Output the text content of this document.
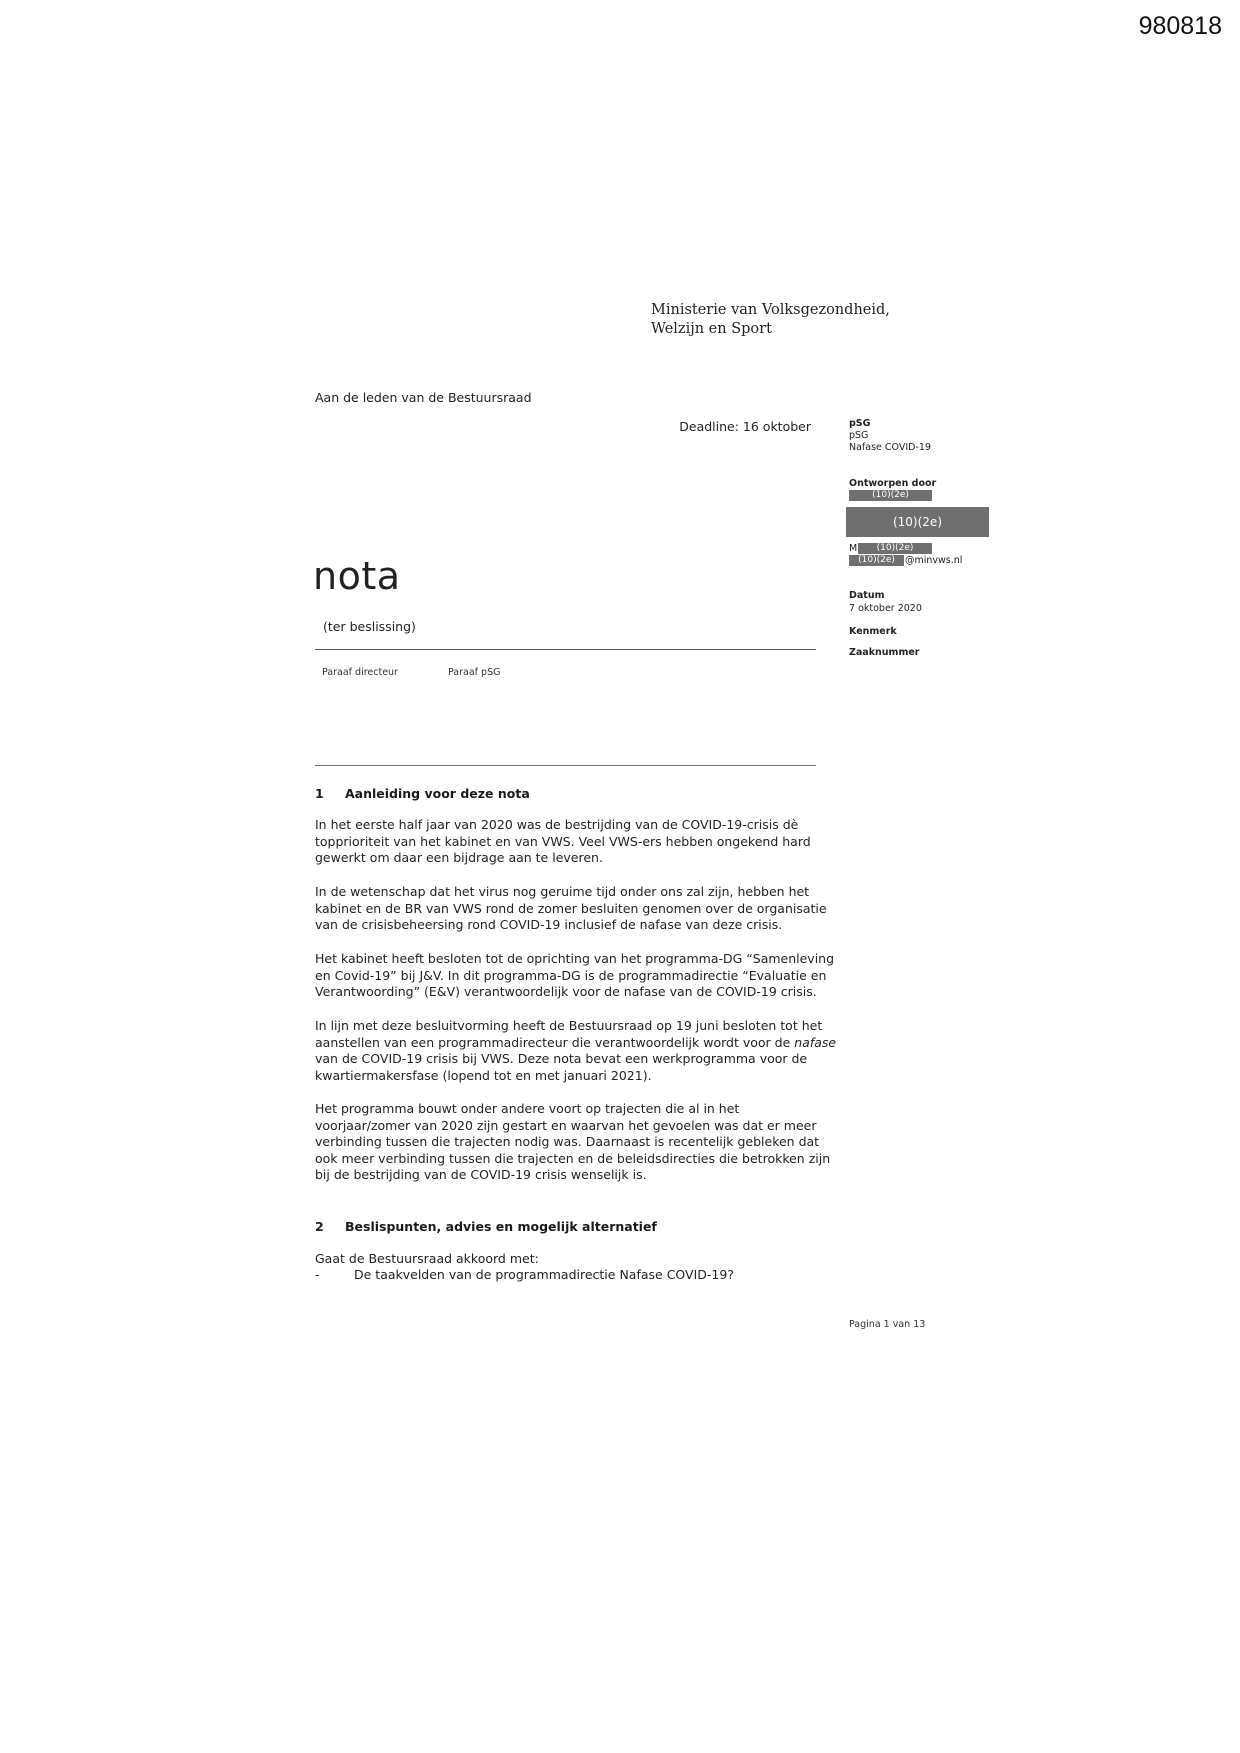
980818
Ministerie van Volksgezondheid,
Welzijn en Sport
Aan de leden van de Bestuursraad
Deadline: 16 oktober
nota
(ter beslissing)
Paraaf directeur	Paraaf pSG
pSG
pSG
Nafase COVID-19
Ontworpen door
(10)(2e)
(10)(2e)
M	(10)(2e)
(10)(2e)	@minvws.nl
Datum
7 oktober 2020
Kenmerk
Zaaknummer
1 Aanleiding voor deze nota
In het eerste half jaar van 2020 was de bestrijding van de COVID-19-crisis dè
topprioriteit van het kabinet en van VWS. Veel VWS-ers hebben ongekend hard
gewerkt om daar een bijdrage aan te leveren.
In de wetenschap dat het virus nog geruime tijd onder ons zal zijn, hebben het
kabinet en de BR van VWS rond de zomer besluiten genomen over de organisatie
van de crisisbeheersing rond COVID-19 inclusief de nafase van deze crisis.
Het kabinet heeft besloten tot de oprichting van het programma-DG “Samenleving
en Covid-19” bij J&V. In dit programma-DG is de programmadirectie “Evaluatie en
Verantwoording” (E&V) verantwoordelijk voor de nafase van de COVID-19 crisis.
In lijn met deze besluitvorming heeft de Bestuursraad op 19 juni besloten tot het
aanstellen van een programmadirecteur die verantwoordelijk wordt voor de nafase
van de COVID-19 crisis bij VWS. Deze nota bevat een werkprogramma voor de
kwartiermakersfase (lopend tot en met januari 2021).
Het programma bouwt onder andere voort op trajecten die al in het
voorjaar/zomer van 2020 zijn gestart en waarvan het gevoelen was dat er meer
verbinding tussen die trajecten nodig was. Daarnaast is recentelijk gebleken dat
ook meer verbinding tussen die trajecten en de beleidsdirecties die betrokken zijn
bij de bestrijding van de COVID-19 crisis wenselijk is.
2 Beslispunten, advies en mogelijk alternatief
Gaat de Bestuursraad akkoord met:
-	De taakvelden van de programmadirectie Nafase COVID-19?
Pagina 1 van 13
